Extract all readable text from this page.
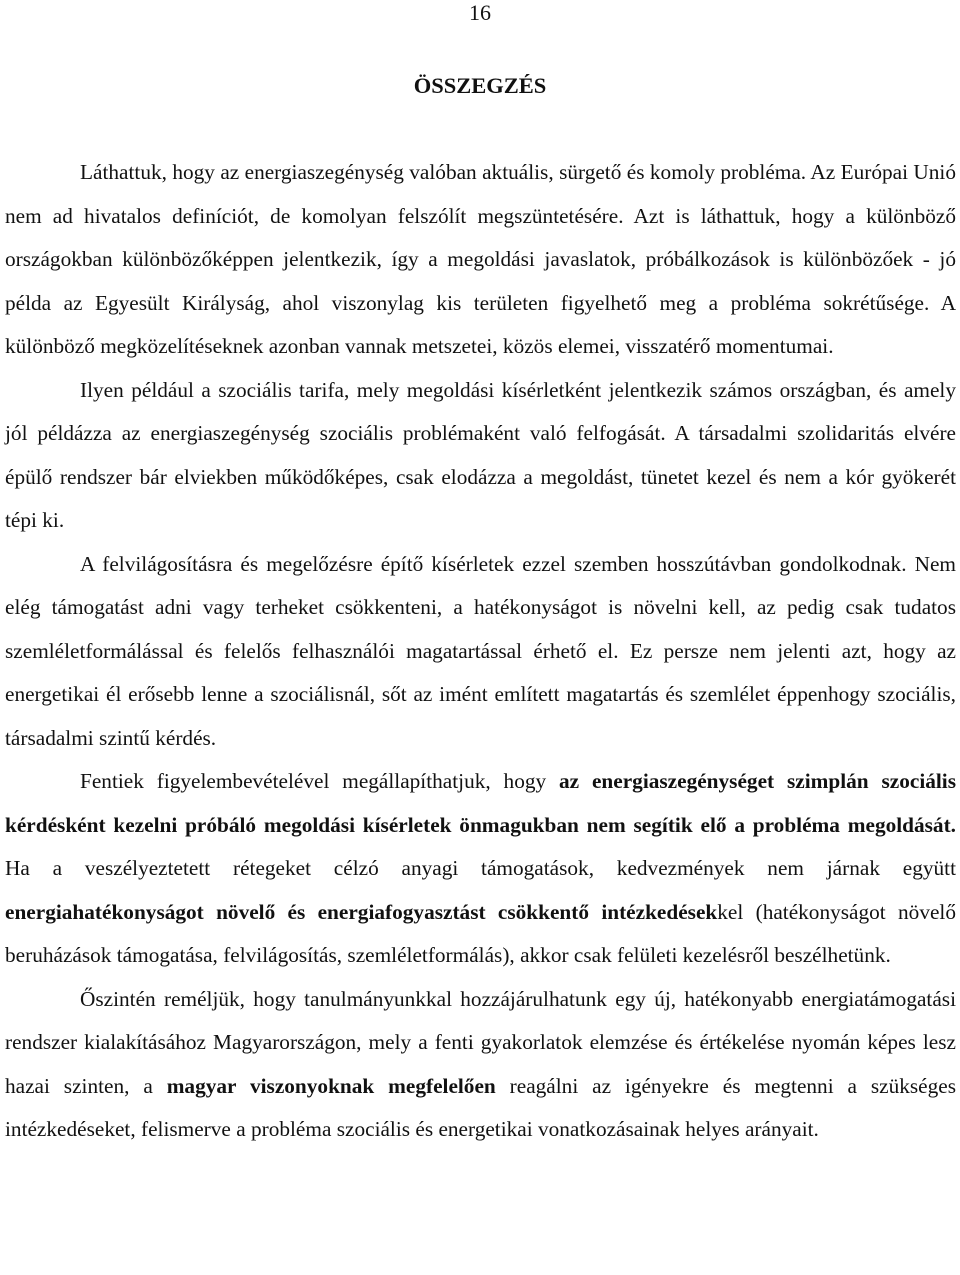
16
ÖSSZEGZÉS

Láthattuk, hogy az energiaszegénység valóban aktuális, sürgető és komoly probléma. Az Európai Unió nem ad hivatalos definíciót, de komolyan felszólít megszüntetésére. Azt is láthattuk, hogy a különböző országokban különbözőképpen jelentkezik, így a megoldási javaslatok, próbálkozások is különbözőek - jó példa az Egyesült Királyság, ahol viszonylag kis területen figyelhető meg a probléma sokrétűsége. A különböző megközelítéseknek azonban vannak metszetei, közös elemei, visszatérő momentumai.

Ilyen például a szociális tarifa, mely megoldási kísérletként jelentkezik számos országban, és amely jól példázza az energiaszegénység szociális problémaként való felfogását. A társadalmi szolidaritás elvére épülő rendszer bár elviekben működőképes, csak elodázza a megoldást, tünetet kezel és nem a kór gyökerét tépi ki.

A felvilágosításra és megelőzésre építő kísérletek ezzel szemben hosszútávban gondolkodnak. Nem elég támogatást adni vagy terheket csökkenteni, a hatékonyságot is növelni kell, az pedig csak tudatos szemléletformálással és felelős felhasználói magatartással érhető el. Ez persze nem jelenti azt, hogy az energetikai él erősebb lenne a szociálisnál, sőt az imént említett magatartás és szemlélet éppenhogy szociális, társadalmi szintű kérdés.

Fentiek figyelembevételével megállapíthatjuk, hogy az energiaszegénységet szimplán szociális kérdésként kezelni próbáló megoldási kísérletek önmagukban nem segítik elő a probléma megoldását. Ha a veszélyeztetett rétegeket célzó anyagi támogatások, kedvezmények nem járnak együtt energiahatékonyságot növelő és energiafogyasztást csökkentő intézkedésekkel (hatékonyságot növelő beruházások támogatása, felvilágosítás, szemléletformálás), akkor csak felületi kezelésről beszélhetünk.

Őszintén reméljük, hogy tanulmányunkkal hozzájárulhatunk egy új, hatékonyabb energiatámogatási rendszer kialakításához Magyarországon, mely a fenti gyakorlatok elemzése és értékelése nyomán képes lesz hazai szinten, a magyar viszonyoknak megfelelően reagálni az igényekre és megtenni a szükséges intézkedéseket, felismerve a probléma szociális és energetikai vonatkozásainak helyes arányait.
